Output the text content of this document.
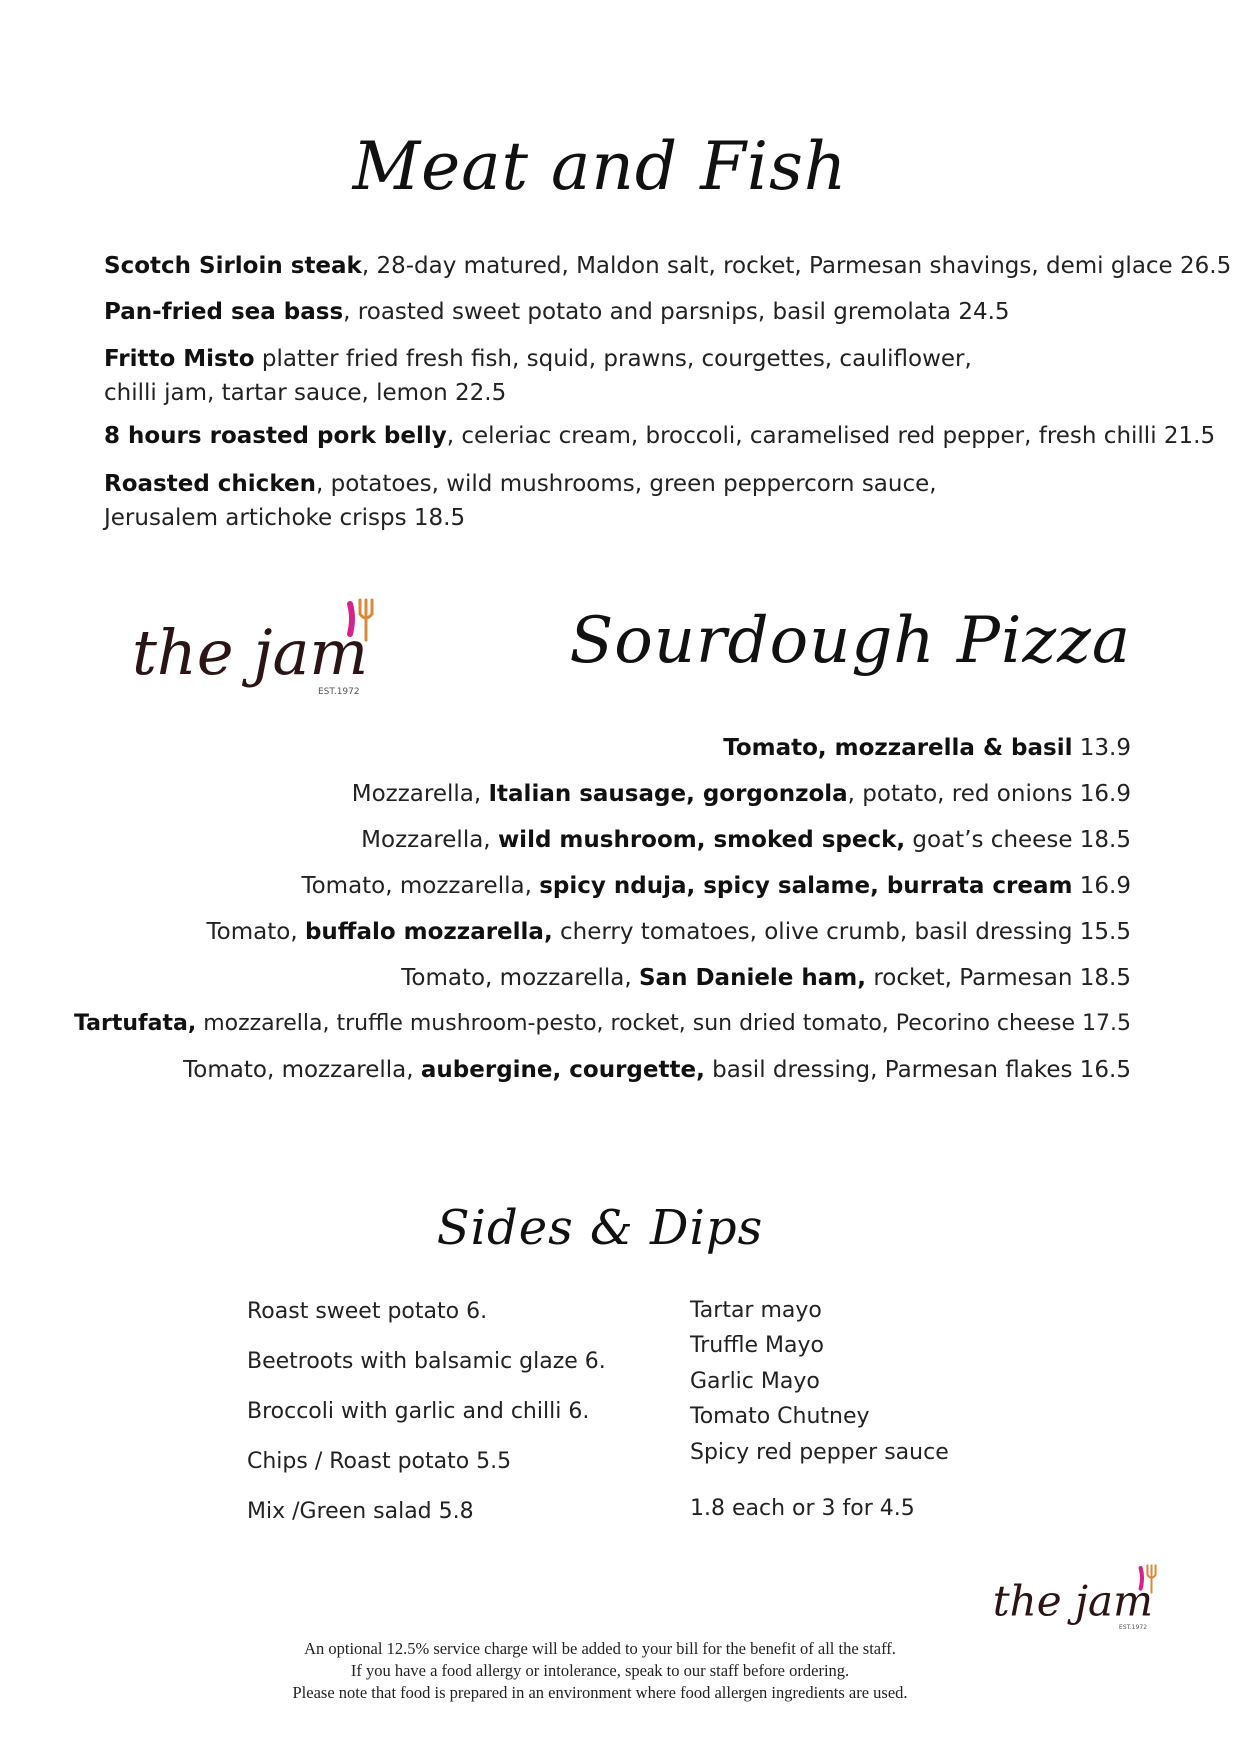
Meat and Fish

Scotch Sirloin steak, 28-day matured, Maldon salt, rocket, Parmesan shavings, demi glace 26.5

Pan-fried sea bass, roasted sweet potato and parsnips, basil gremolata 24.5

Fritto Misto platter fried fresh fish, squid, prawns, courgettes, cauliflower,
chilli jam, tartar sauce, lemon 22.5

8 hours roasted pork belly, celeriac cream, broccoli, caramelised red pepper, fresh chilli 21.5

Roasted chicken, potatoes, wild mushrooms, green peppercorn sauce,
Jerusalem artichoke crisps 18.5

the jam
EST.1972
Sourdough Pizza

Tomato, mozzarella & basil 13.9

Mozzarella, Italian sausage, gorgonzola, potato, red onions 16.9

Mozzarella, wild mushroom, smoked speck, goat’s cheese 18.5

Tomato, mozzarella, spicy nduja, spicy salame, burrata cream 16.9

Tomato, buffalo mozzarella, cherry tomatoes, olive crumb, basil dressing 15.5

Tomato, mozzarella, San Daniele ham, rocket, Parmesan 18.5

Tartufata, mozzarella, truffle mushroom-pesto, rocket, sun dried tomato, Pecorino cheese 17.5

Tomato, mozzarella, aubergine, courgette, basil dressing, Parmesan flakes 16.5

Sides & Dips
Roast sweet potato 6.
Beetroots with balsamic glaze 6.
Broccoli with garlic and chilli 6.
Chips / Roast potato 5.5
Mix /Green salad 5.8
Tartar mayo
Truffle Mayo
Garlic Mayo
Tomato Chutney
Spicy red pepper sauce
1.8 each or 3 for 4.5
the jam
EST.1972
An optional 12.5% service charge will be added to your bill for the benefit of all the staff.
If you have a food allergy or intolerance, speak to our staff before ordering.
Please note that food is prepared in an environment where food allergen ingredients are used.
